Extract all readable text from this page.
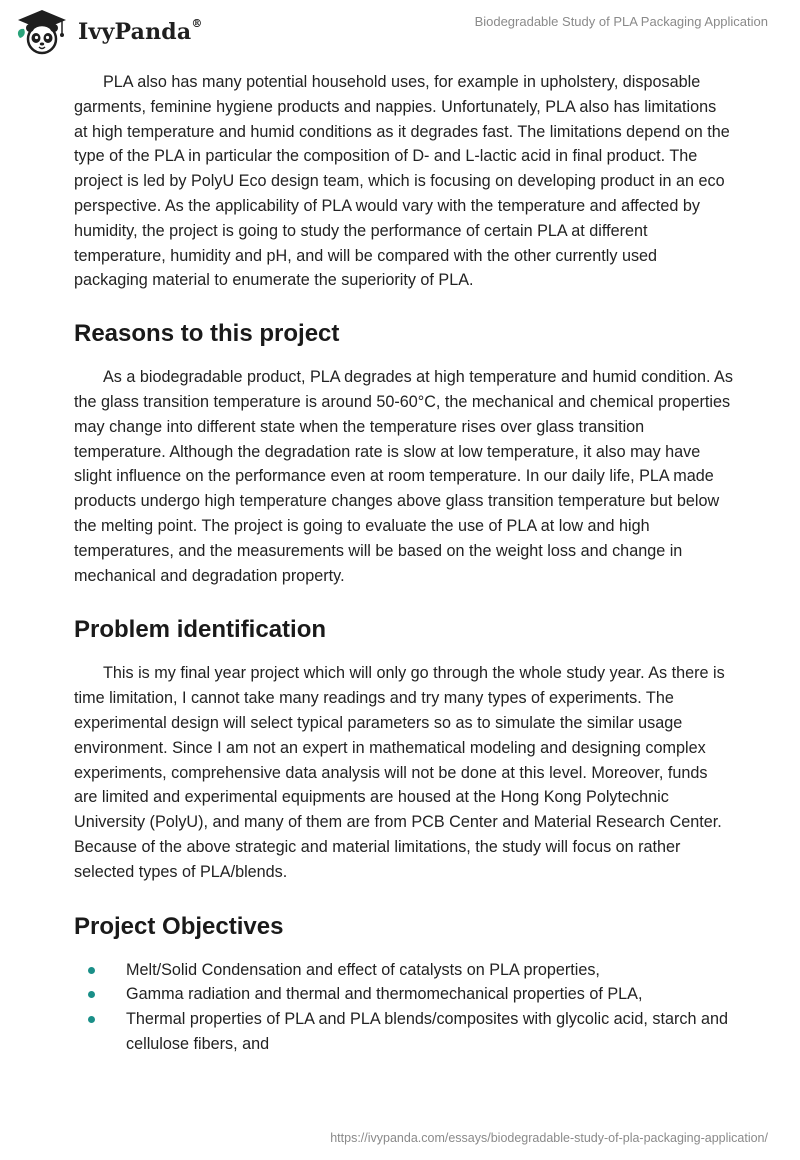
IvyPanda®	Biodegradable Study of PLA Packaging Application

PLA also has many potential household uses, for example in upholstery, disposable garments, feminine hygiene products and nappies. Unfortunately, PLA also has limitations at high temperature and humid conditions as it degrades fast. The limitations depend on the type of the PLA in particular the composition of D- and L-lactic acid in final product. The project is led by PolyU Eco design team, which is focusing on developing product in an eco perspective. As the applicability of PLA would vary with the temperature and affected by humidity, the project is going to study the performance of certain PLA at different temperature, humidity and pH, and will be compared with the other currently used packaging material to enumerate the superiority of PLA.

Reasons to this project

As a biodegradable product, PLA degrades at high temperature and humid condition. As the glass transition temperature is around 50-60°C, the mechanical and chemical properties may change into different state when the temperature rises over glass transition temperature. Although the degradation rate is slow at low temperature, it also may have slight influence on the performance even at room temperature. In our daily life, PLA made products undergo high temperature changes above glass transition temperature but below the melting point. The project is going to evaluate the use of PLA at low and high temperatures, and the measurements will be based on the weight loss and change in mechanical and degradation property.

Problem identification

This is my final year project which will only go through the whole study year. As there is time limitation, I cannot take many readings and try many types of experiments. The experimental design will select typical parameters so as to simulate the similar usage environment. Since I am not an expert in mathematical modeling and designing complex experiments, comprehensive data analysis will not be done at this level. Moreover, funds are limited and experimental equipments are housed at the Hong Kong Polytechnic University (PolyU), and many of them are from PCB Center and Material Research Center. Because of the above strategic and material limitations, the study will focus on rather selected types of PLA/blends.

Project Objectives
Melt/Solid Condensation and effect of catalysts on PLA properties,
Gamma radiation and thermal and thermomechanical properties of PLA,
Thermal properties of PLA and PLA blends/composites with glycolic acid, starch and cellulose fibers, and
https://ivypanda.com/essays/biodegradable-study-of-pla-packaging-application/
